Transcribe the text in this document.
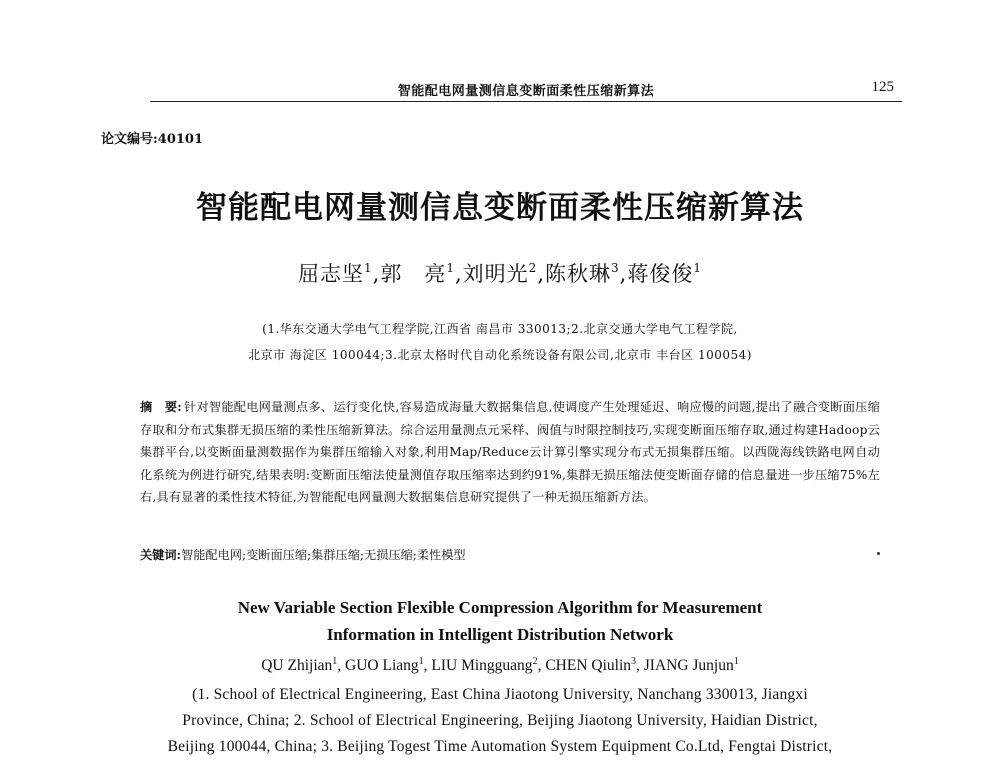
智能配电网量测信息变断面柔性压缩新算法	125
论文编号:40101
智能配电网量测信息变断面柔性压缩新算法
屈志坚$^1$,郭　亮$^1$,刘明光$^2$,陈秋琳$^3$,蒋俊俊$^1$
(1.华东交通大学电气工程学院,江西省 南昌市 330013;2.北京交通大学电气工程学院,
北京市 海淀区 100044;3.北京太格时代自动化系统设备有限公司,北京市 丰台区 100054)
摘　要: 针对智能配电网量测点多、运行变化快,容易造成海量大数据集信息,使调度产生处理延迟、响应慢的问题,提出了融合变断面压缩存取和分布式集群无损压缩的柔性压缩新算法。综合运用量测点元采样、阀值与时限控制技巧,实现变断面压缩存取,通过构建Hadoop云集群平台,以变断面量测数据作为集群压缩输入对象,利用Map/Reduce云计算引擎实现分布式无损集群压缩。以西陇海线铁路电网自动化系统为例进行研究,结果表明:变断面压缩法使量测值存取压缩率达到约91%,集群无损压缩法使变断面存储的信息量进一步压缩75%左右,具有显著的柔性技术特征,为智能配电网量测大数据集信息研究提供了一种无损压缩新方法。
关键词:智能配电网;变断面压缩;集群压缩;无损压缩;柔性模型
New Variable Section Flexible Compression Algorithm for Measurement
Information in Intelligent Distribution Network
QU Zhijian$^1$, GUO Liang$^1$, LIU Mingguang$^2$, CHEN Qiulin$^3$, JIANG Junjun$^1$
(1. School of Electrical Engineering, East China Jiaotong University, Nanchang 330013, Jiangxi
Province, China; 2. School of Electrical Engineering, Beijing Jiaotong University, Haidian District,
Beijing 100044, China; 3. Beijing Togest Time Automation System Equipment Co.Ltd, Fengtai District,
